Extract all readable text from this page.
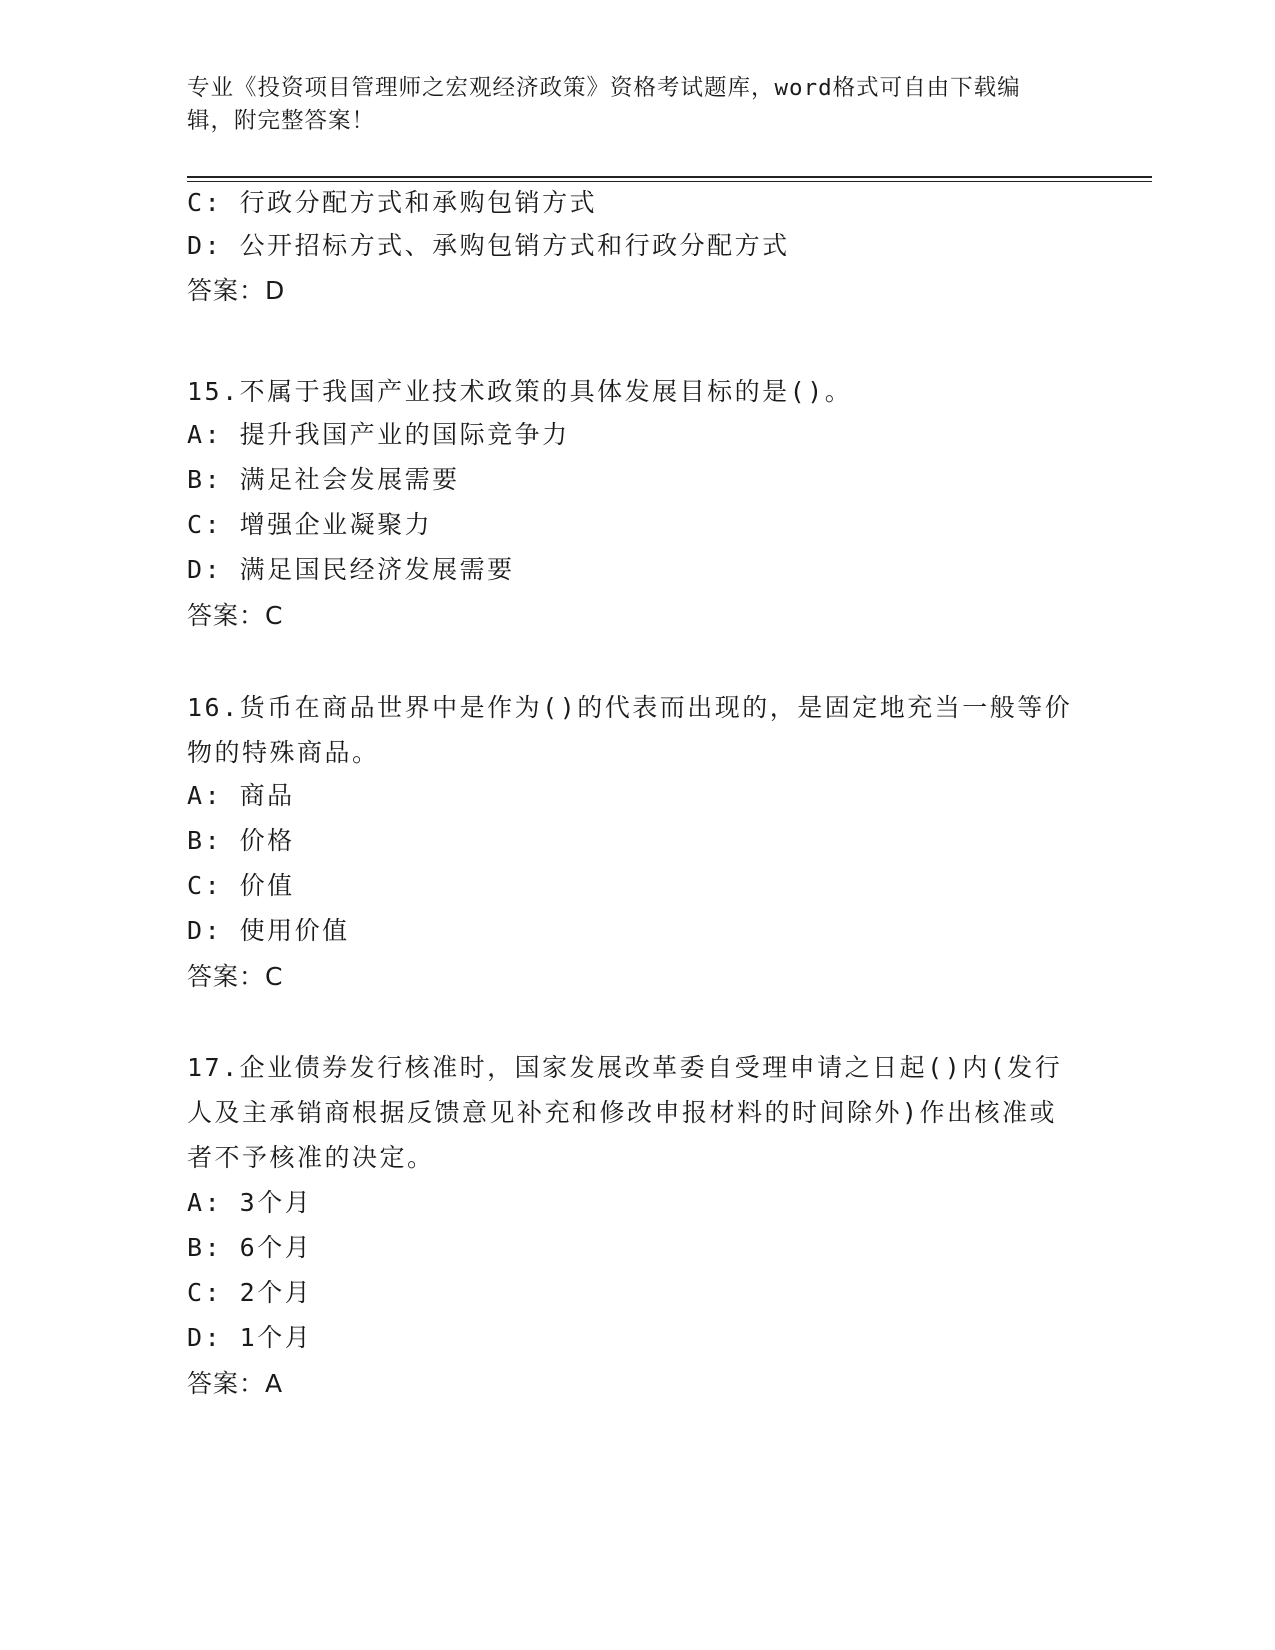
专业《投资项目管理师之宏观经济政策》资格考试题库，word格式可自由下载编辑，附完整答案！
C: 行政分配方式和承购包销方式
D: 公开招标方式、承购包销方式和行政分配方式
答案：D
15.不属于我国产业技术政策的具体发展目标的是()。
A: 提升我国产业的国际竞争力
B: 满足社会发展需要
C: 增强企业凝聚力
D: 满足国民经济发展需要
答案：C
16.货币在商品世界中是作为()的代表而出现的，是固定地充当一般等价物的特殊商品。
A: 商品
B: 价格
C: 价值
D: 使用价值
答案：C
17.企业债券发行核准时，国家发展改革委自受理申请之日起()内(发行人及主承销商根据反馈意见补充和修改申报材料的时间除外)作出核准或者不予核准的决定。
A: 3个月
B: 6个月
C: 2个月
D: 1个月
答案：A
